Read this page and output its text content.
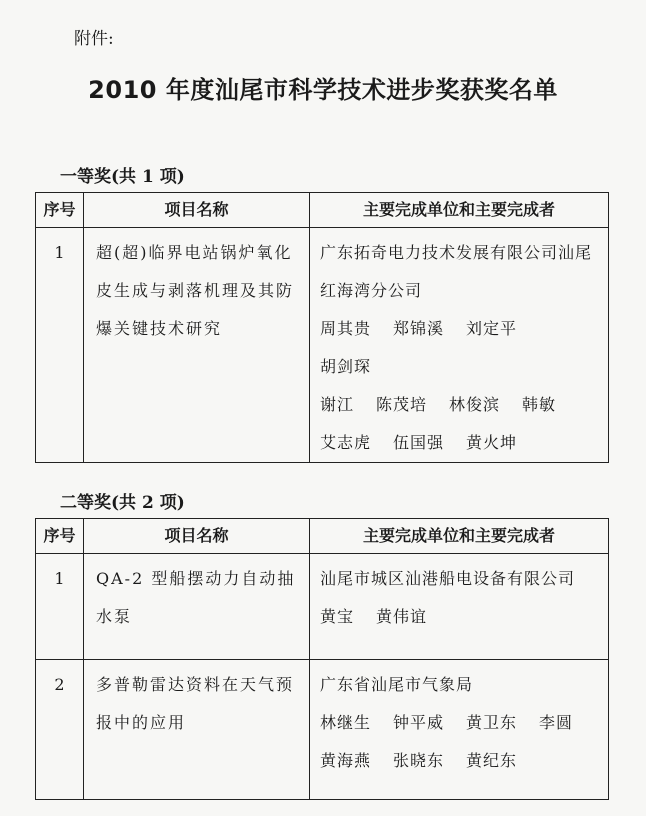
附件:
2010 年度汕尾市科学技术进步奖获奖名单
一等奖(共 1 项)
序号	项目名称	主要完成单位和主要完成者
1	超(超)临界电站锅炉氧化皮生成与剥落机理及其防爆关键技术研究	广东拓奇电力技术发展有限公司汕尾红海湾分公司
周其贵 郑锦溪 刘定平胡剑琛
谢江 陈茂培 林俊滨 韩敏
艾志虎 伍国强 黄火坤
二等奖(共 2 项)
序号	项目名称	主要完成单位和主要完成者
1	QA-2 型船摆动力自动抽水泵	汕尾市城区汕港船电设备有限公司
黄宝 黄伟谊

2	多普勒雷达资料在天气预报中的应用	广东省汕尾市气象局
林继生 钟平威 黄卫东 李圆
黄海燕 张晓东 黄纪东
